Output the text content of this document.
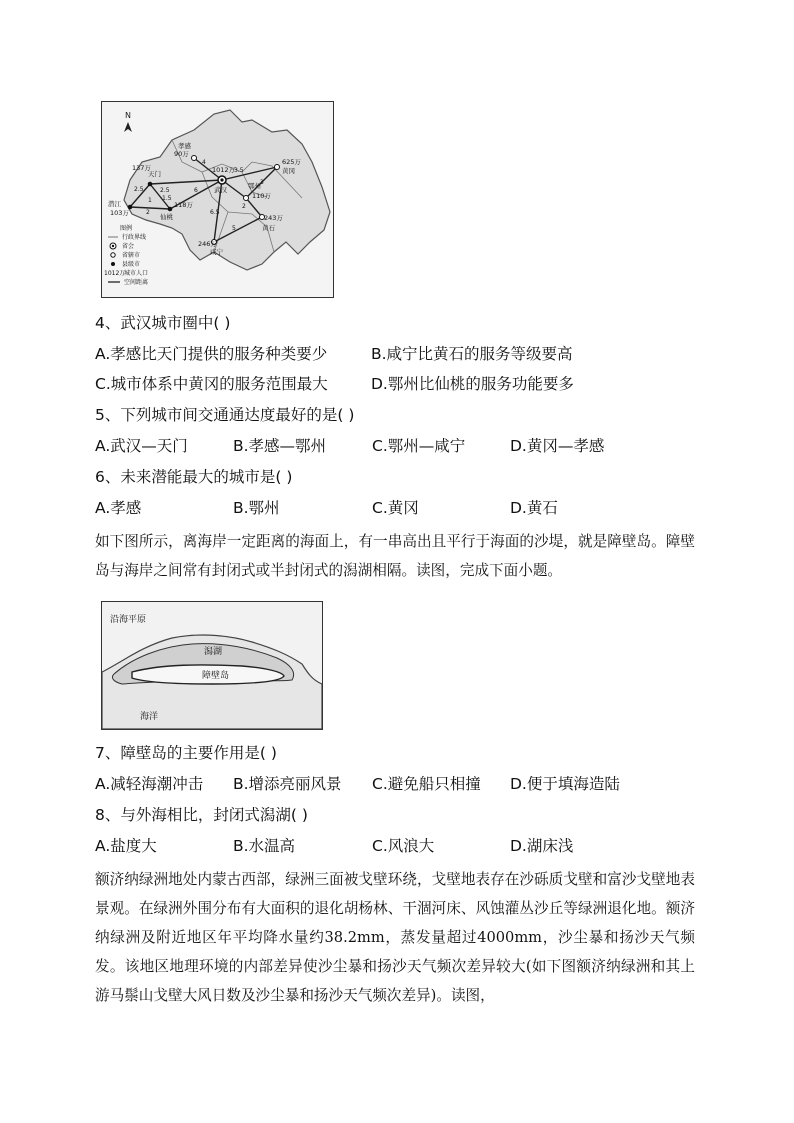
N
孝感
90万
天门
137万
潜江
103万	仙桃
118万
武汉
1012万	黄冈
625万
鄂州
110万
黄石
243万
咸宁
246万
4
2.5
1
2
2.5
1.5
3.5
6
6.5
5
3
2
图例
行政界线
省会
省辖市
县级市
1012万
城市人口
空间距离
4、武汉城市圈中( )
A.孝感比天门提供的服务种类要少	B.咸宁比黄石的服务等级要高
C.城市体系中黄冈的服务范围最大	D.鄂州比仙桃的服务功能要多
5、下列城市间交通通达度最好的是( )
A.武汉—天门	B.孝感—鄂州	C.鄂州—咸宁	D.黄冈—孝感
6、未来潜能最大的城市是( )
A.孝感	B.鄂州	C.黄冈	D.黄石
如下图所示，离海岸一定距离的海面上，有一串高出且平行于海面的沙堤，就是障壁岛。障壁岛与海岸之间常有封闭式或半封闭式的潟湖相隔。读图，完成下面小题。
沿海平原
潟湖
障壁岛
海洋
7、障壁岛的主要作用是( )
A.减轻海潮冲击 B.增添亮丽风景 C.避免船只相撞 D.便于填海造陆
8、与外海相比，封闭式潟湖( )
A.盐度大	B.水温高	C.风浪大	D.湖床浅
额济纳绿洲地处内蒙古西部，绿洲三面被戈壁环绕，戈壁地表存在沙砾质戈壁和富沙戈壁地表景观。在绿洲外围分布有大面积的退化胡杨林、干涸河床、风蚀灌丛沙丘等绿洲退化地。额济纳绿洲及附近地区年平均降水量约38.2mm，蒸发量超过4000mm，沙尘暴和扬沙天气频发。该地区地理环境的内部差异使沙尘暴和扬沙天气频次差异较大(如下图额济纳绿洲和其上游马鬃山戈壁大风日数及沙尘暴和扬沙天气频次差异)。读图，
